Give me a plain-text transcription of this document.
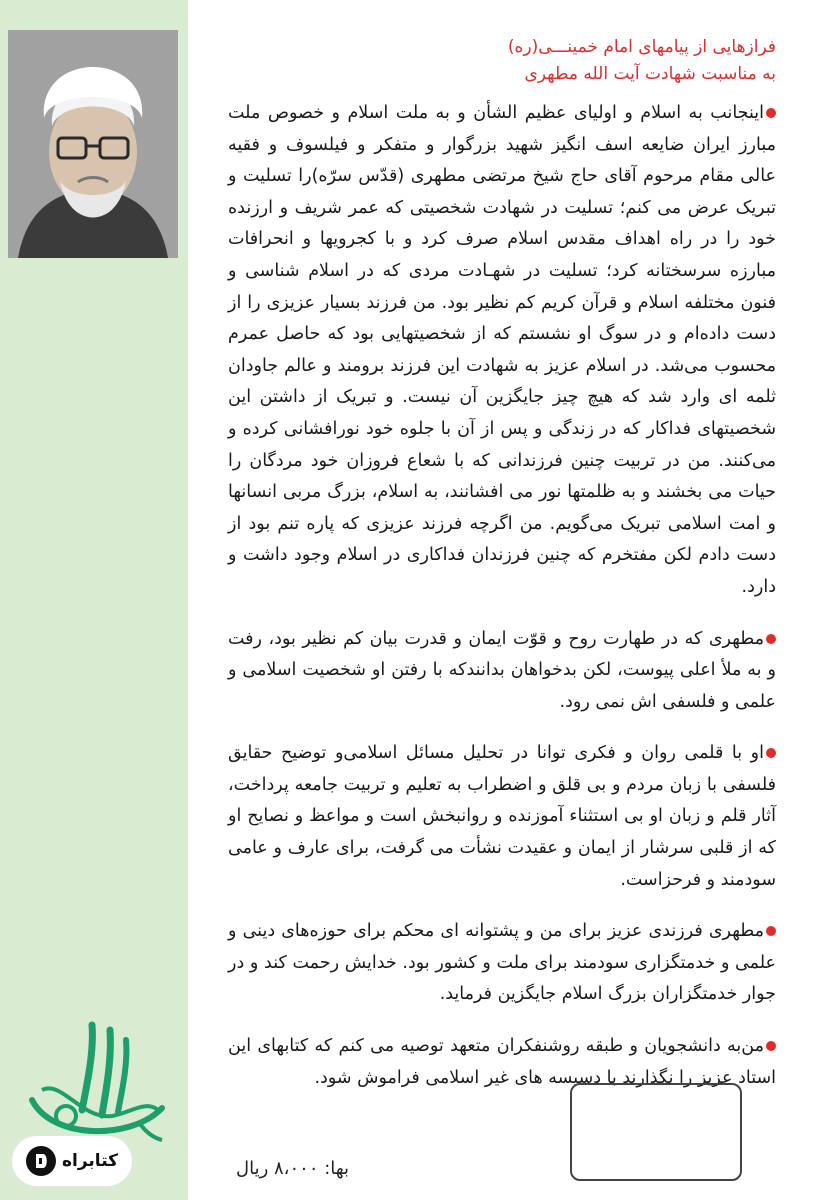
کتابراه

فرازهایی از پیامهای امام خمینـــی(ره)

به مناسبت شهادت آیت الله مطهری

اینجانب به اسلام و اولیای عظیم الشأن و به ملت اسلام و خصوص ملت مبارز ایران ضایعه اسف انگیز شهید بزرگوار و متفکر و فیلسوف و فقیه عالی مقام مرحوم آقای حاج شیخ مرتضی مطهری (قدّس سرّه)را تسلیت و تبریک عرض می کنم؛ تسلیت در شهادت شخصیتی که عمر شریف و ارزنده خود را در راه اهداف مقدس اسلام صرف کرد و با کجرویها و انحرافات مبارزه سرسختانه کرد؛ تسلیت در شهـادت مردی که در اسلام شناسی و فنون مختلفه اسلام و قرآن کریم کم نظیر بود. من فرزند بسیار عزیزی را از دست داده‌ام و در سوگ او نشستم که از شخصیتهایی بود که حاصل عمرم محسوب می‌شد. در اسلام عزیز به شهادت این فرزند برومند و عالم جاودان ثلمه ای وارد شد که هیچ چیز جایگزین آن نیست. و تبریک از داشتن این شخصیتهای فداکار که در زندگی و پس از آن با جلوه خود نورافشانی کرده و می‌کنند. من در تربیت چنین فرزندانی که با شعاع فروزان خود مردگان را حیات می بخشند و به ظلمتها نور می افشانند، به اسلام، بزرگ مربی انسانها و امت اسلامی تبریک می‌گویم. من اگرچه فرزند عزیزی که پاره تنم بود از دست دادم لکن مفتخرم که چنین فرزندان فداکاری در اسلام وجود داشت و دارد.

مطهری که در طهارت روح و قوّت ایمان و قدرت بیان کم نظیر بود، رفت و به ملأ اعلی پیوست، لکن بدخواهان بدانندکه با رفتن او شخصیت اسلامی و علمی و فلسفی اش نمی رود.

او با قلمی روان و فکری توانا در تحلیل مسائل اسلامی‌و توضیح حقایق فلسفی با زبان مردم و بی قلق و اضطراب به تعلیم و تربیت جامعه پرداخت، آثار قلم و زبان او بی استثناء آموزنده و روانبخش است و مواعظ و نصایح او که از قلبی سرشار از ایمان و عقیدت نشأت می گرفت، برای عارف و عامی سودمند و فرحزاست.

مطهری فرزندی عزیز برای من و پشتوانه ای محکم برای حوزه‌های دینی و علمی و خدمتگزاری سودمند برای ملت و کشور بود. خدایش رحمت کند و در جوار خدمتگزاران بزرگ اسلام جایگزین فرماید.

من‌به دانشجویان و طبقه روشنفکران متعهد توصیه می کنم که کتابهای این استاد عزیز را نگذارند با دسیسه های غیر اسلامی فراموش شود.

بها: ۸،۰۰۰ ریال
